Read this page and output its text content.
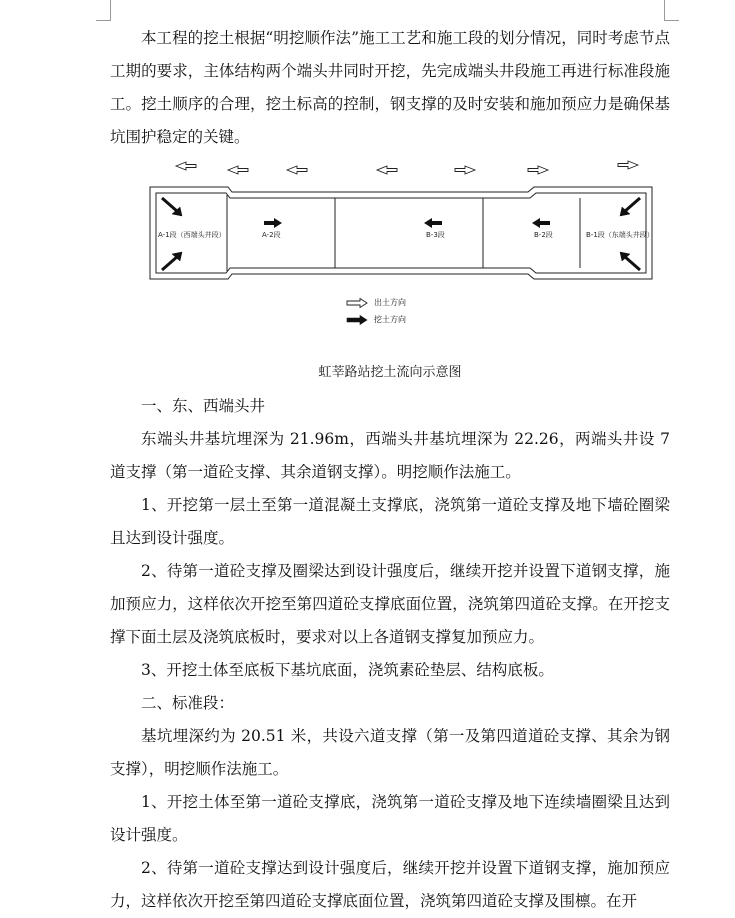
本工程的挖土根据“明挖顺作法”施工工艺和施工段的划分情况，同时考虑节点工期的要求，主体结构两个端头井同时开挖，先完成端头井段施工再进行标准段施工。挖土顺序的合理，挖土标高的控制，钢支撑的及时安装和施加预应力是确保基坑围护稳定的关键。

A-1段（西端头井段）	A-2段	B-3段	B-2段	B-1段（东端头井段）
出土方向
挖土方向
虹莘路站挖土流向示意图

一、东、西端头井

东端头井基坑埋深为 21.96m，西端头井基坑埋深为 22.26，两端头井设 7 道支撑（第一道砼支撑、其余道钢支撑）。明挖顺作法施工。

1、开挖第一层土至第一道混凝土支撑底，浇筑第一道砼支撑及地下墙砼圈梁且达到设计强度。

2、待第一道砼支撑及圈梁达到设计强度后，继续开挖并设置下道钢支撑，施加预应力，这样依次开挖至第四道砼支撑底面位置，浇筑第四道砼支撑。在开挖支撑下面土层及浇筑底板时，要求对以上各道钢支撑复加预应力。

3、开挖土体至底板下基坑底面，浇筑素砼垫层、结构底板。

二、标准段：

基坑埋深约为 20.51 米，共设六道支撑（第一及第四道道砼支撑、其余为钢支撑），明挖顺作法施工。

1、开挖土体至第一道砼支撑底，浇筑第一道砼支撑及地下连续墙圈梁且达到设计强度。

2、待第一道砼支撑达到设计强度后，继续开挖并设置下道钢支撑，施加预应力，这样依次开挖至第四道砼支撑底面位置，浇筑第四道砼支撑及围檩。在开
